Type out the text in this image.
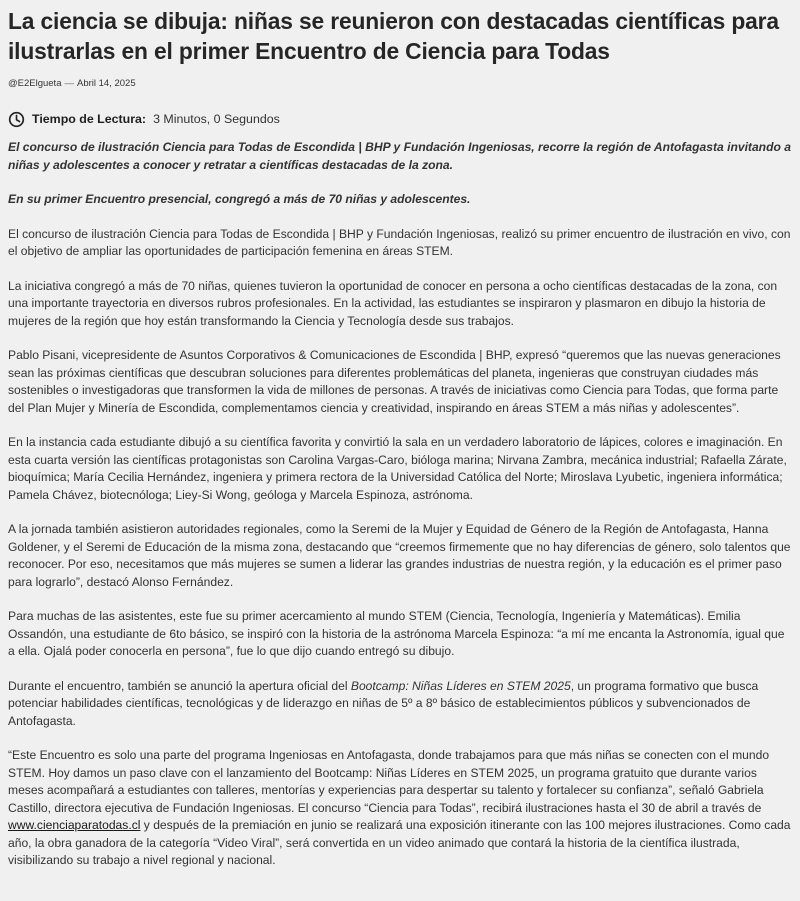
La ciencia se dibuja: niñas se reunieron con destacadas científicas para ilustrarlas en el primer Encuentro de Ciencia para Todas
@E2Elgueta — Abril 14, 2025
Tiempo de Lectura: 3 Minutos, 0 Segundos

El concurso de ilustración Ciencia para Todas de Escondida | BHP y Fundación Ingeniosas, recorre la región de Antofagasta invitando a niñas y adolescentes a conocer y retratar a científicas destacadas de la zona.

En su primer Encuentro presencial, congregó a más de 70 niñas y adolescentes.

El concurso de ilustración Ciencia para Todas de Escondida | BHP y Fundación Ingeniosas, realizó su primer encuentro de ilustración en vivo, con el objetivo de ampliar las oportunidades de participación femenina en áreas STEM.

La iniciativa congregó a más de 70 niñas, quienes tuvieron la oportunidad de conocer en persona a ocho científicas destacadas de la zona, con una importante trayectoria en diversos rubros profesionales. En la actividad, las estudiantes se inspiraron y plasmaron en dibujo la historia de mujeres de la región que hoy están transformando la Ciencia y Tecnología desde sus trabajos.

Pablo Pisani, vicepresidente de Asuntos Corporativos & Comunicaciones de Escondida | BHP, expresó “queremos que las nuevas generaciones sean las próximas científicas que descubran soluciones para diferentes problemáticas del planeta, ingenieras que construyan ciudades más sostenibles o investigadoras que transformen la vida de millones de personas. A través de iniciativas como Ciencia para Todas, que forma parte del Plan Mujer y Minería de Escondida, complementamos ciencia y creatividad, inspirando en áreas STEM a más niñas y adolescentes”.

En la instancia cada estudiante dibujó a su científica favorita y convirtió la sala en un verdadero laboratorio de lápices, colores e imaginación. En esta cuarta versión las científicas protagonistas son Carolina Vargas-Caro, bióloga marina; Nirvana Zambra, mecánica industrial; Rafaella Zárate, bioquímica; María Cecilia Hernández, ingeniera y primera rectora de la Universidad Católica del Norte; Miroslava Lyubetic, ingeniera informática; Pamela Chávez, biotecnóloga; Liey-Si Wong, geóloga y Marcela Espinoza, astrónoma.

A la jornada también asistieron autoridades regionales, como la Seremi de la Mujer y Equidad de Género de la Región de Antofagasta, Hanna Goldener, y el Seremi de Educación de la misma zona, destacando que “creemos firmemente que no hay diferencias de género, solo talentos que reconocer. Por eso, necesitamos que más mujeres se sumen a liderar las grandes industrias de nuestra región, y la educación es el primer paso para lograrlo”, destacó Alonso Fernández.

Para muchas de las asistentes, este fue su primer acercamiento al mundo STEM (Ciencia, Tecnología, Ingeniería y Matemáticas). Emilia Ossandón, una estudiante de 6to básico, se inspiró con la historia de la astrónoma Marcela Espinoza: “a mí me encanta la Astronomía, igual que a ella. Ojalá poder conocerla en persona”, fue lo que dijo cuando entregó su dibujo.

Durante el encuentro, también se anunció la apertura oficial del Bootcamp: Niñas Líderes en STEM 2025, un programa formativo que busca potenciar habilidades científicas, tecnológicas y de liderazgo en niñas de 5º a 8º básico de establecimientos públicos y subvencionados de Antofagasta.

“Este Encuentro es solo una parte del programa Ingeniosas en Antofagasta, donde trabajamos para que más niñas se conecten con el mundo STEM. Hoy damos un paso clave con el lanzamiento del Bootcamp: Niñas Líderes en STEM 2025, un programa gratuito que durante varios meses acompañará a estudiantes con talleres, mentorías y experiencias para despertar su talento y fortalecer su confianza”, señaló Gabriela Castillo, directora ejecutiva de Fundación Ingeniosas. El concurso “Ciencia para Todas”, recibirá ilustraciones hasta el 30 de abril a través de www.cienciaparatodas.cl y después de la premiación en junio se realizará una exposición itinerante con las 100 mejores ilustraciones. Como cada año, la obra ganadora de la categoría “Video Viral”, será convertida en un video animado que contará la historia de la científica ilustrada, visibilizando su trabajo a nivel regional y nacional.
